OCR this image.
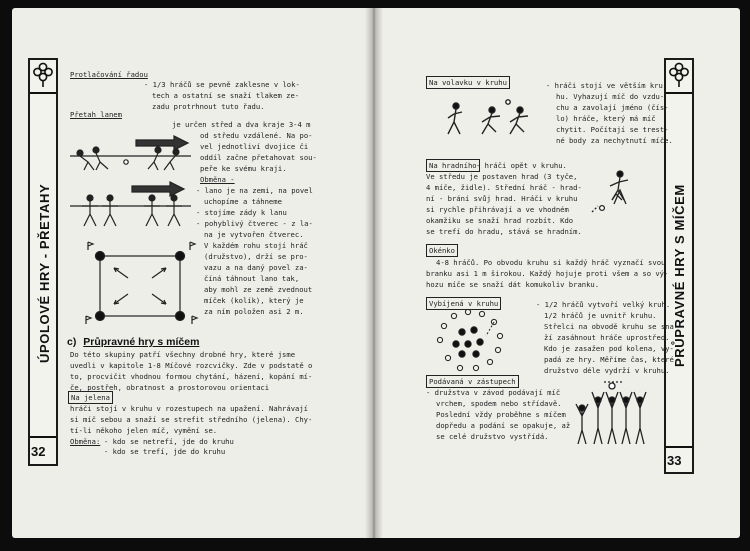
ÚPOLOVÉ HRY - PŘETAHY
32
Protlačování řadou
- 1/3 hráčů se pevně zaklesne v lok-
tech a ostatní se snaží tlakem ze-
zadu protrhnout tuto řadu.
Přetah lanem
je určen střed a dva kraje 3-4 m
od středu vzdálené. Na po-
vel jednotliví dvojice či
oddíl začne přetahovat sou-
peře ke svému kraji.
Obměna -
- lano je na zemi, na povel
uchopíme a táhneme
- stojíme zády k lanu
- pohyblivý čtverec - z la-
na je vytvořen čtverec.
V každém rohu stojí hráč
(družstvo), drží se pro-
vazu a na daný povel za-
číná táhnout lano tak,
aby mohl ze země zvednout
míček (kolík), který je
za ním položen asi 2 m.
c) Průpravné hry s míčem
Do této skupiny patří všechny drobné hry, které jsme
uvedli v kapitole 1-8 Míčové rozcvičky. Zde v podstatě o
to, procvičit vhodnou formou chytání, házení, kopání mí-
če, postřeh, obratnost a prostorovou orientaci
Na jelena
hráči stojí v kruhu v rozestupech na upažení. Nahrávají
si míč sebou a snaží se strefit středního (jelena). Chy-
tí-li někoho jelen míč, vymění se.
Obměna: - kdo se netrefí, jde do kruhu
- kdo se trefí, jde do kruhu
PRŮPRAVNÉ HRY S MÍČEM
33
Na volavku v kruhu	- hráči stojí ve větším kru-
hu. Vyhazují míč do vzdu-
chu a zavolají jméno (čís-
lo) hráče, který má míč
chytit. Počítají se trest-
né body za nechytnutí míče.
Na hradního - hráči opět v kruhu.
Ve středu je postaven hrad (3 tyče,
4 míče, židle). Střední hráč - hrad-
ní - brání svůj hrad. Hráči v kruhu
si rychle přihrávají a ve vhodném
okamžiku se snaží hrad rozbít. Kdo
se trefí do hradu, stává se hradním.
Okénko
4-8 hráčů. Po obvodu kruhu si každý hráč vyznačí svou
branku asi 1 m širokou. Každý hojuje proti všem a so vý-
hozu míče se snaží dát komukoliv branku.
Vybíjená v kruhu	- 1/2 hráčů vytvoří velký kruh.
1/2 hráčů je uvnitř kruhu.
Střelci na obvodě kruhu se sna-
ží zasáhnout hráče uprostřed.
Kdo je zasažen pod kolena, vy-
padá ze hry. Měříme čas, které
družstvo déle vydrží v kruhu.
Podávaná v zástupech
- družstva v závod podávají míč
vrchem, spodem nebo střídavě.
Poslední vždy proběhne s míčem
dopředu a podání se opakuje, až
se celé družstvo vystřídá.
